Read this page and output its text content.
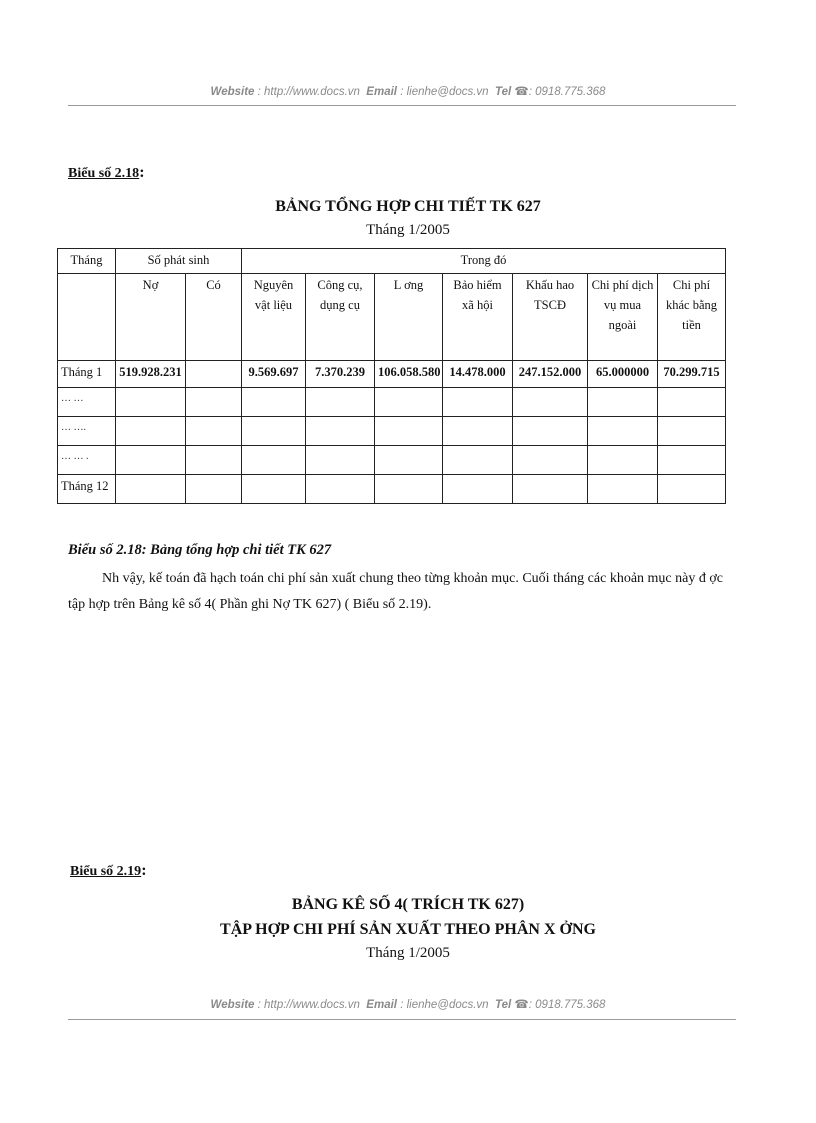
Website : http://www.docs.vn Email : lienhe@docs.vn Tel ☎: 0918.775.368
Biểu số 2.18:
BẢNG TỔNG HỢP CHI TIẾT TK 627
Tháng 1/2005
Tháng	Số phát sinh		Trong đó						
	Nợ	Có	Nguyên vật liệu	Công cụ, dụng cụ	L ơng	Bảo hiểm xã hội	Khấu hao TSCĐ	Chi phí dịch vụ mua ngoài	Chi phí khác bằng tiền
Tháng 1	519.928.231		9.569.697	7.370.239	106.058.580	14.478.000	247.152.000	65.000000	70.299.715
… …									
… ….									
… … .									
Tháng 12									
Biểu số 2.18: Bảng tổng hợp chi tiết TK 627
Nh vậy, kế toán đã hạch toán chi phí sản xuất chung theo từng khoản mục. Cuối tháng các khoản mục này đ ợc tập hợp trên Bảng kê số 4( Phần ghi Nợ TK 627) ( Biểu số 2.19).
Biểu số 2.19:
BẢNG KÊ SỐ 4( TRÍCH TK 627)
TẬP HỢP CHI PHÍ SẢN XUẤT THEO PHÂN X ỞNG
Tháng 1/2005
Website : http://www.docs.vn Email : lienhe@docs.vn Tel ☎: 0918.775.368
